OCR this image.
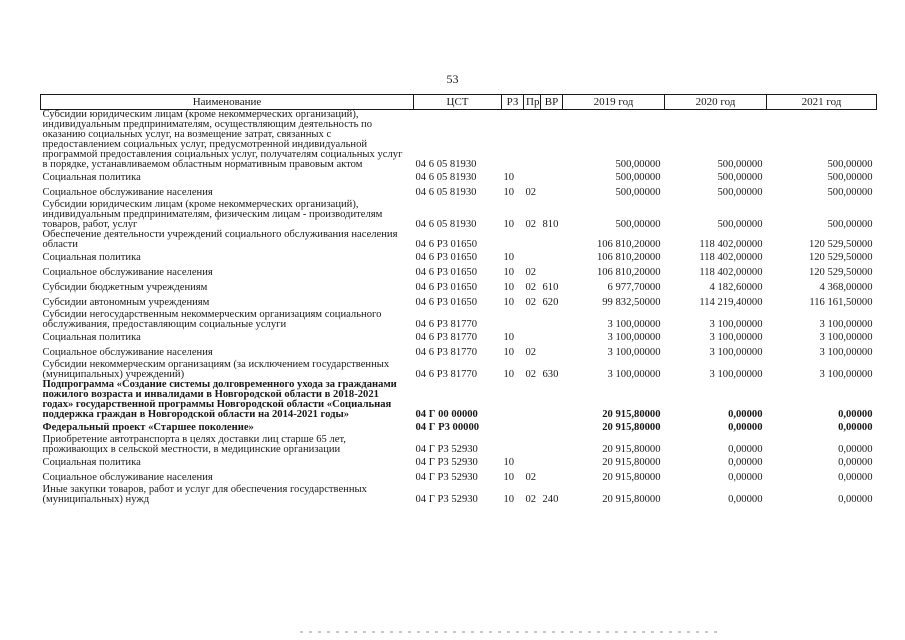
53
Наименование	ЦСТ	РЗ	Пр	ВР	2019 год	2020 год	2021 год
Субсидии юридическим лицам (кроме некоммерческих организаций), индивидуальным предпринимателям, осуществляющим деятельность по оказанию социальных услуг, на возмещение затрат, связанных с предоставлением социальных услуг, предусмотренной индивидуальной программой предоставления социальных услуг, получателям социальных услуг в порядке, устанавливаемом областным нормативным правовым актом	04 6 05 81930				500,00000	500,00000	500,00000
Социальная политика	04 6 05 81930	10			500,00000	500,00000	500,00000
Социальное обслуживание населения	04 6 05 81930	10	02		500,00000	500,00000	500,00000
Субсидии юридическим лицам (кроме некоммерческих организаций), индивидуальным предпринимателям, физическим лицам - производителям товаров, работ, услуг	04 6 05 81930	10	02	810	500,00000	500,00000	500,00000
Обеспечение деятельности учреждений социального обслуживания населения области	04 6 Р3 01650				106 810,20000	118 402,00000	120 529,50000
Социальная политика	04 6 Р3 01650	10			106 810,20000	118 402,00000	120 529,50000
Социальное обслуживание населения	04 6 Р3 01650	10	02		106 810,20000	118 402,00000	120 529,50000
Субсидии бюджетным учреждениям	04 6 Р3 01650	10	02	610	6 977,70000	4 182,60000	4 368,00000
Субсидии автономным учреждениям	04 6 Р3 01650	10	02	620	99 832,50000	114 219,40000	116 161,50000
Субсидии негосударственным некоммерческим организациям социального обслуживания, предоставляющим социальные услуги	04 6 Р3 81770				3 100,00000	3 100,00000	3 100,00000
Социальная политика	04 6 Р3 81770	10			3 100,00000	3 100,00000	3 100,00000
Социальное обслуживание населения	04 6 Р3 81770	10	02		3 100,00000	3 100,00000	3 100,00000
Субсидии некоммерческим организациям (за исключением государственных (муниципальных) учреждений)	04 6 Р3 81770	10	02	630	3 100,00000	3 100,00000	3 100,00000
Подпрограмма «Создание системы долговременного ухода за гражданами пожилого возраста и инвалидами в Новгородской области в 2018-2021 годах» государственной программы Новгородской области «Социальная поддержка граждан в Новгородской области на 2014-2021 годы»	04 Г 00 00000				20 915,80000	0,00000	0,00000
Федеральный проект «Старшее поколение»	04 Г Р3 00000				20 915,80000	0,00000	0,00000
Приобретение автотранспорта в целях доставки лиц старше 65 лет, проживающих в сельской местности, в медицинские организации	04 Г Р3 52930				20 915,80000	0,00000	0,00000
Социальная политика	04 Г Р3 52930	10			20 915,80000	0,00000	0,00000
Социальное обслуживание населения	04 Г Р3 52930	10	02		20 915,80000	0,00000	0,00000
Иные закупки товаров, работ и услуг для обеспечения государственных (муниципальных) нужд	04 Г Р3 52930	10	02	240	20 915,80000	0,00000	0,00000
